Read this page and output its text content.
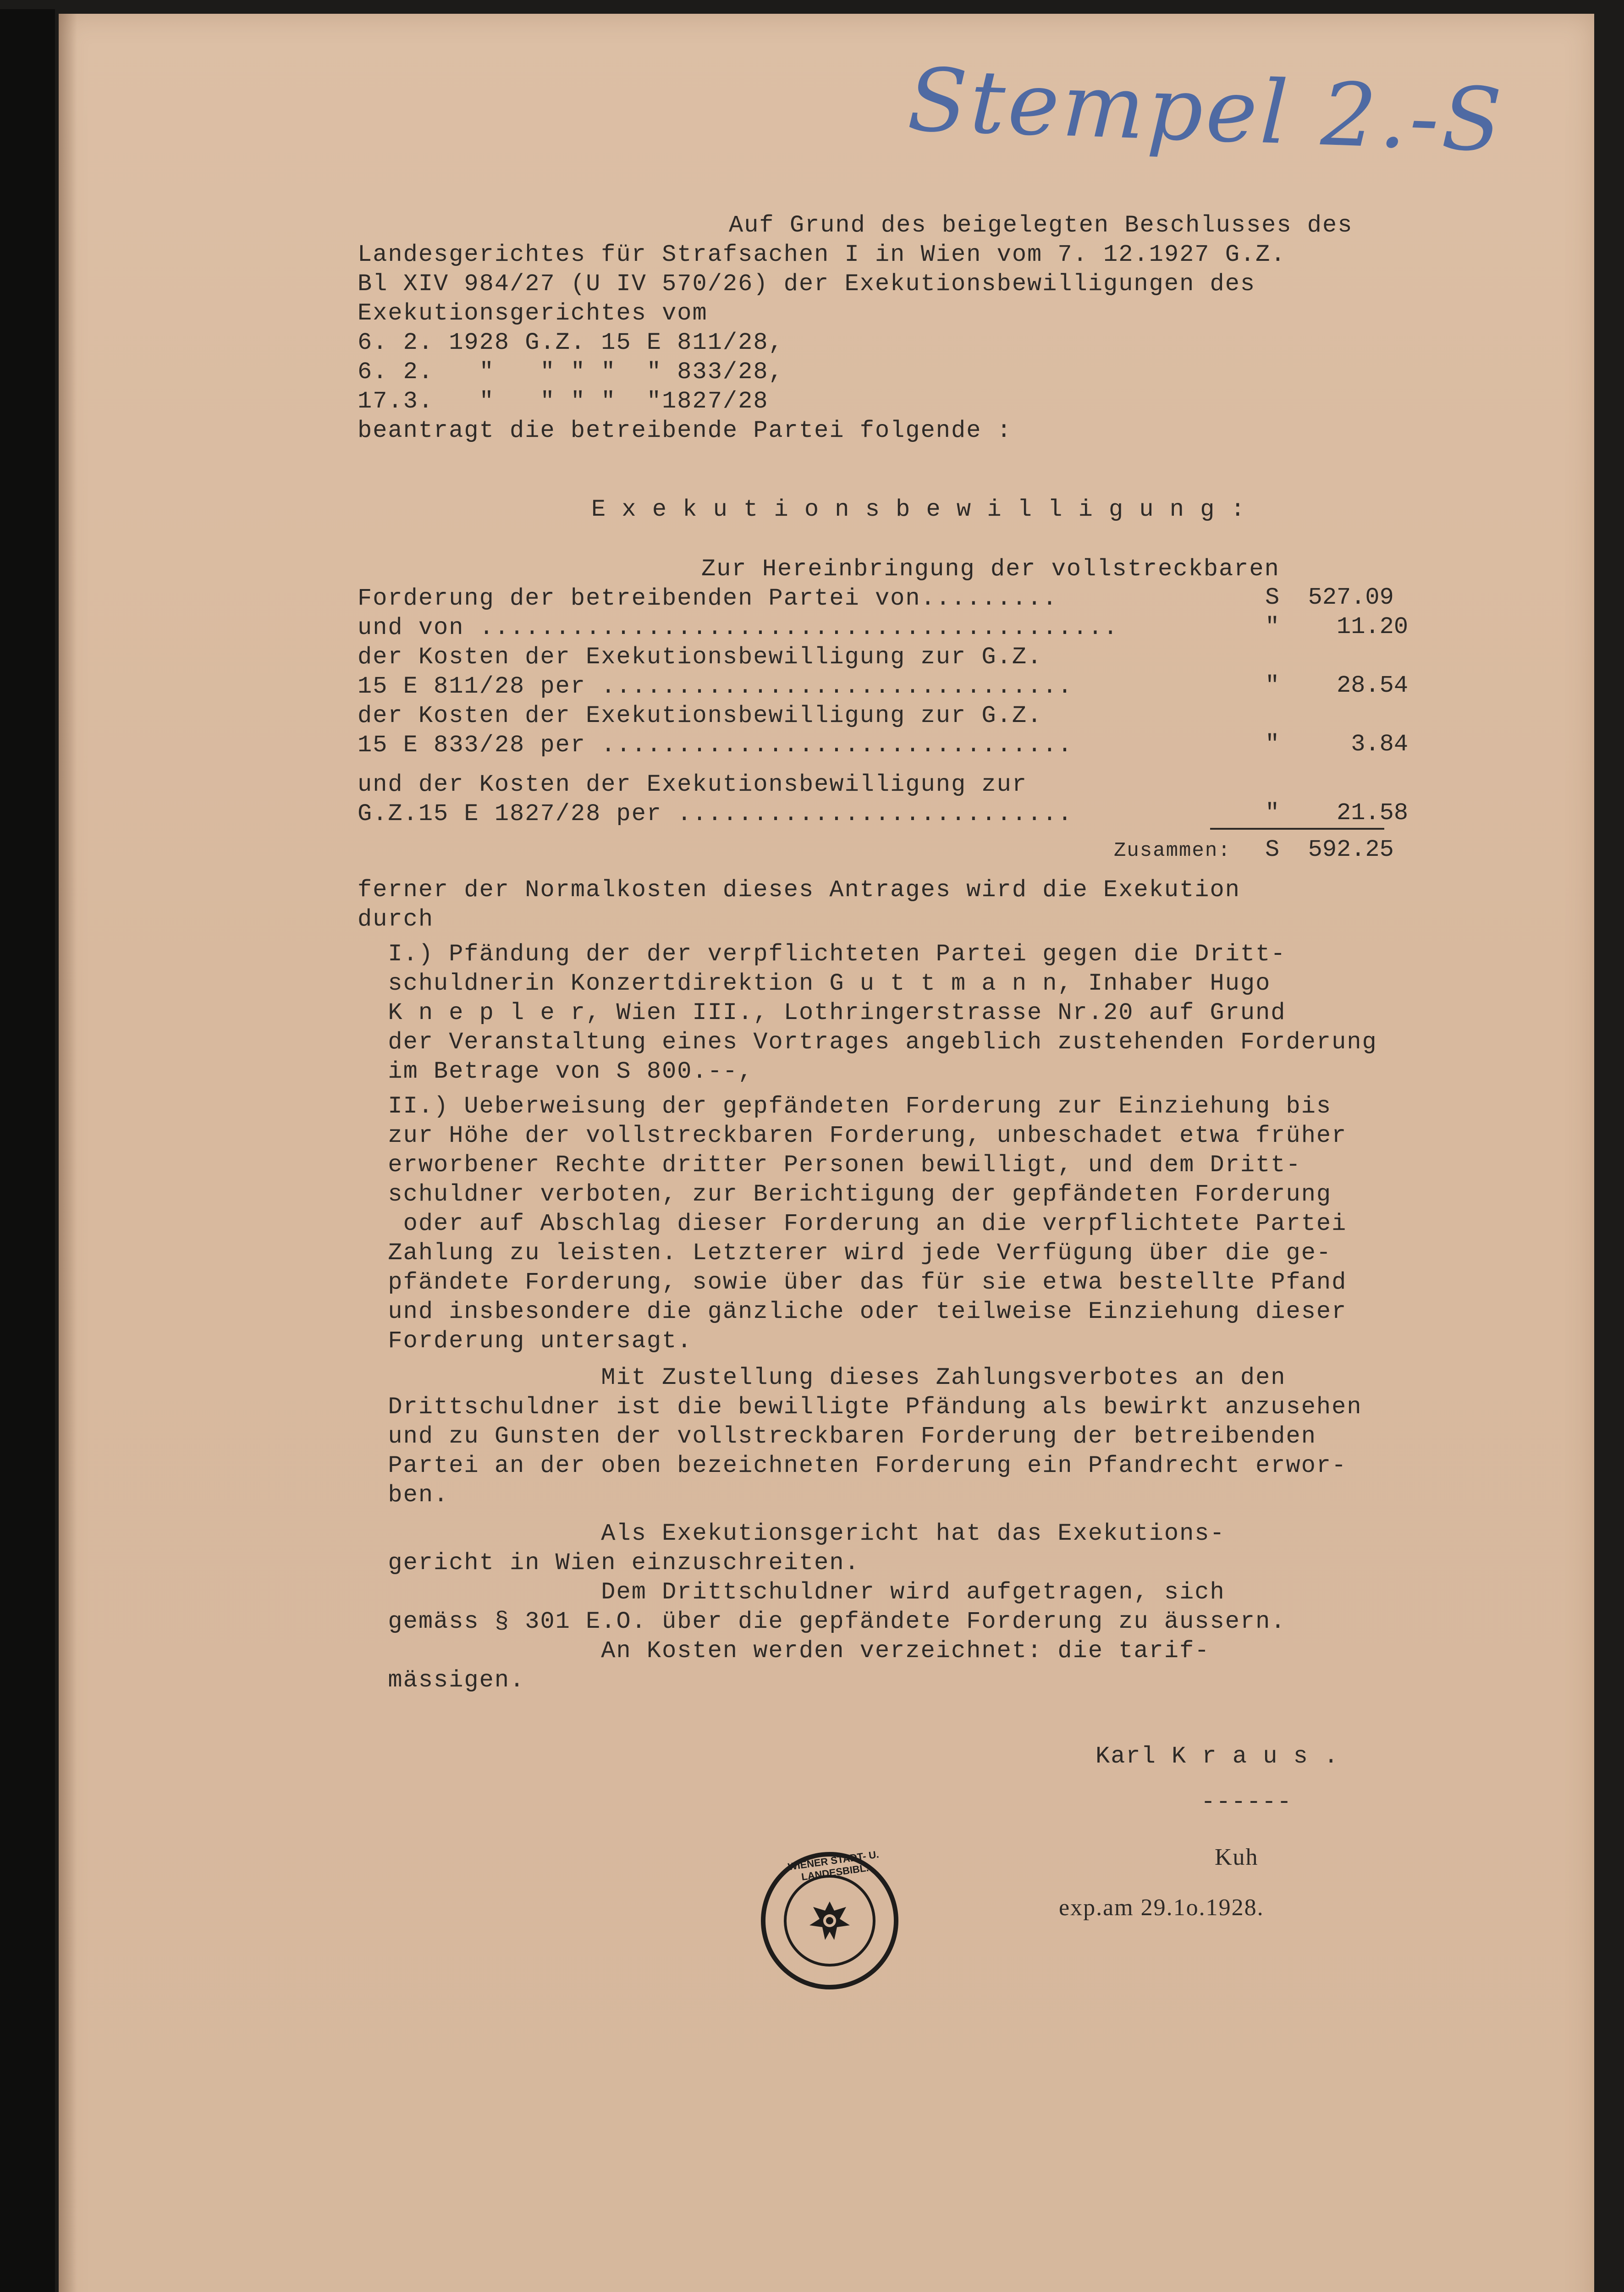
Stempel 2.-S
Auf Grund des beigelegten Beschlusses des
Landesgerichtes für Strafsachen I in Wien vom 7. 12.1927 G.Z.
Bl XIV 984/27 (U IV 570/26) der Exekutionsbewilligungen des
Exekutionsgerichtes vom
6. 2. 1928 G.Z. 15 E 811/28,
6. 2.   "   " " "  " 833/28,
17.3.   "   " " "  "1827/28
beantragt die betreibende Partei folgende :
E x e k u t i o n s b e w i l l i g u n g :
Zur Hereinbringung der vollstreckbaren
Forderung der betreibenden Partei von.........	S  527.09
und von ..........................................	"    11.20
der Kosten der Exekutionsbewilligung zur G.Z.
15 E 811/28 per ...............................	"    28.54
der Kosten der Exekutionsbewilligung zur G.Z.
15 E 833/28 per ...............................	"     3.84
und der Kosten der Exekutionsbewilligung zur
G.Z.15 E 1827/28 per ..........................	"    21.58
Zusammen: S  592.25
ferner der Normalkosten dieses Antrages wird die Exekution
durch
I.) Pfändung der der verpflichteten Partei gegen die Dritt-
schuldnerin Konzertdirektion G u t t m a n n, Inhaber Hugo
K n e p l e r, Wien III., Lothringerstrasse Nr.20 auf Grund
der Veranstaltung eines Vortrages angeblich zustehenden Forderung
im Betrage von S 800.--,
II.) Ueberweisung der gepfändeten Forderung zur Einziehung bis
zur Höhe der vollstreckbaren Forderung, unbeschadet etwa früher
erworbener Rechte dritter Personen bewilligt, und dem Dritt-
schuldner verboten, zur Berichtigung der gepfändeten Forderung
oder auf Abschlag dieser Forderung an die verpflichtete Partei
Zahlung zu leisten. Letzterer wird jede Verfügung über die ge-
pfändete Forderung, sowie über das für sie etwa bestellte Pfand
und insbesondere die gänzliche oder teilweise Einziehung dieser
Forderung untersagt.
Mit Zustellung dieses Zahlungsverbotes an den
Drittschuldner ist die bewilligte Pfändung als bewirkt anzusehen
und zu Gunsten der vollstreckbaren Forderung der betreibenden
Partei an der oben bezeichneten Forderung ein Pfandrecht erwor-
ben.
Als Exekutionsgericht hat das Exekutions-
gericht in Wien einzuschreiten.
Dem Drittschuldner wird aufgetragen, sich
gemäss § 301 E.O. über die gepfändete Forderung zu äussern.
An Kosten werden verzeichnet: die tarif-
mässigen.
Karl K r a u s .
------
Kuh
exp.am 29.1o.1928.
WIENER STADT- U. LANDESBIBL.
